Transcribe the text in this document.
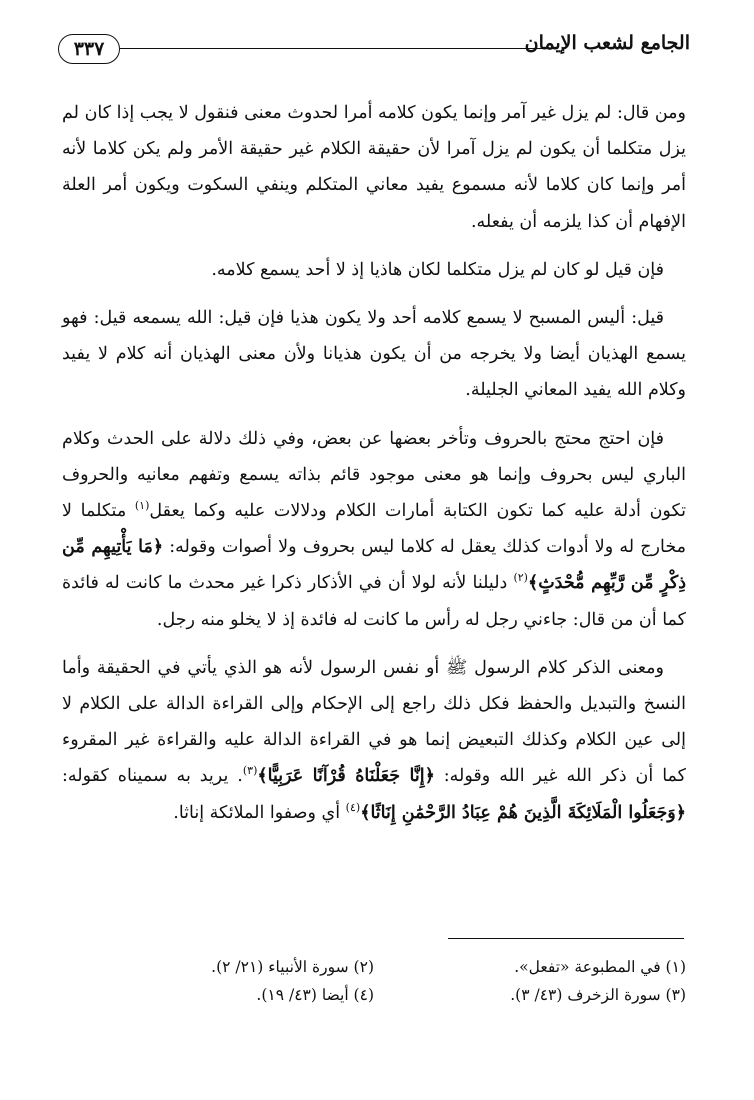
٣٣٧	الجامع لشعب الإيمان

ومن قال: لم يزل غير آمر وإنما يكون كلامه أمرا لحدوث معنى فنقول لا يجب إذا كان لم يزل متكلما أن يكون لم يزل آمرا لأن حقيقة الكلام غير حقيقة الأمر ولم يكن كلاما لأنه أمر وإنما كان كلاما لأنه مسموع يفيد معاني المتكلم وينفي السكوت ويكون أمر العلة الإفهام أن كذا يلزمه أن يفعله.

فإن قيل لو كان لم يزل متكلما لكان هاذيا إذ لا أحد يسمع كلامه.

قيل: أليس المسبح لا يسمع كلامه أحد ولا يكون هذيا فإن قيل: الله يسمعه قيل: فهو يسمع الهذيان أيضا ولا يخرجه من أن يكون هذيانا ولأن معنى الهذيان أنه كلام لا يفيد وكلام الله يفيد المعاني الجليلة.

فإن احتج محتج بالحروف وتأخر بعضها عن بعض، وفي ذلك دلالة على الحدث وكلام الباري ليس بحروف وإنما هو معنى موجود قائم بذاته يسمع وتفهم معانيه والحروف تكون أدلة عليه كما تكون الكتابة أمارات الكلام ودلالات عليه وكما يعقل$^{(١)}$ متكلما لا مخارج له ولا أدوات كذلك يعقل له كلاما ليس بحروف ولا أصوات وقوله: ﴿مَا يَأْتِيهِم مِّن ذِكْرٍ مِّن رَّبِّهِم مُّحْدَثٍ﴾$^{(٢)}$ دليلنا لأنه لولا أن في الأذكار ذكرا غير محدث ما كانت له فائدة كما أن من قال: جاءني رجل له رأس ما كانت له فائدة إذ لا يخلو منه رجل.

ومعنى الذكر كلام الرسول ﷺ أو نفس الرسول لأنه هو الذي يأتي في الحقيقة وأما النسخ والتبديل والحفظ فكل ذلك راجع إلى الإحكام وإلى القراءة الدالة على الكلام لا إلى عين الكلام وكذلك التبعيض إنما هو في القراءة الدالة عليه والقراءة غير المقروء كما أن ذكر الله غير الله وقوله: ﴿إِنَّا جَعَلْنَاهُ قُرْآنًا عَرَبِيًّا﴾$^{(٣)}$. يريد به سميناه كقوله: ﴿وَجَعَلُوا الْمَلَائِكَةَ الَّذِينَ هُمْ عِبَادُ الرَّحْمَٰنِ إِنَاثًا﴾$^{(٤)}$ أي وصفوا الملائكة إناثا.

(١) في المطبوعة «تفعل».
(٢) سورة الأنبياء (٢١/ ٢).
(٣) سورة الزخرف (٤٣/ ٣).
(٤) أيضا (٤٣/ ١٩).
